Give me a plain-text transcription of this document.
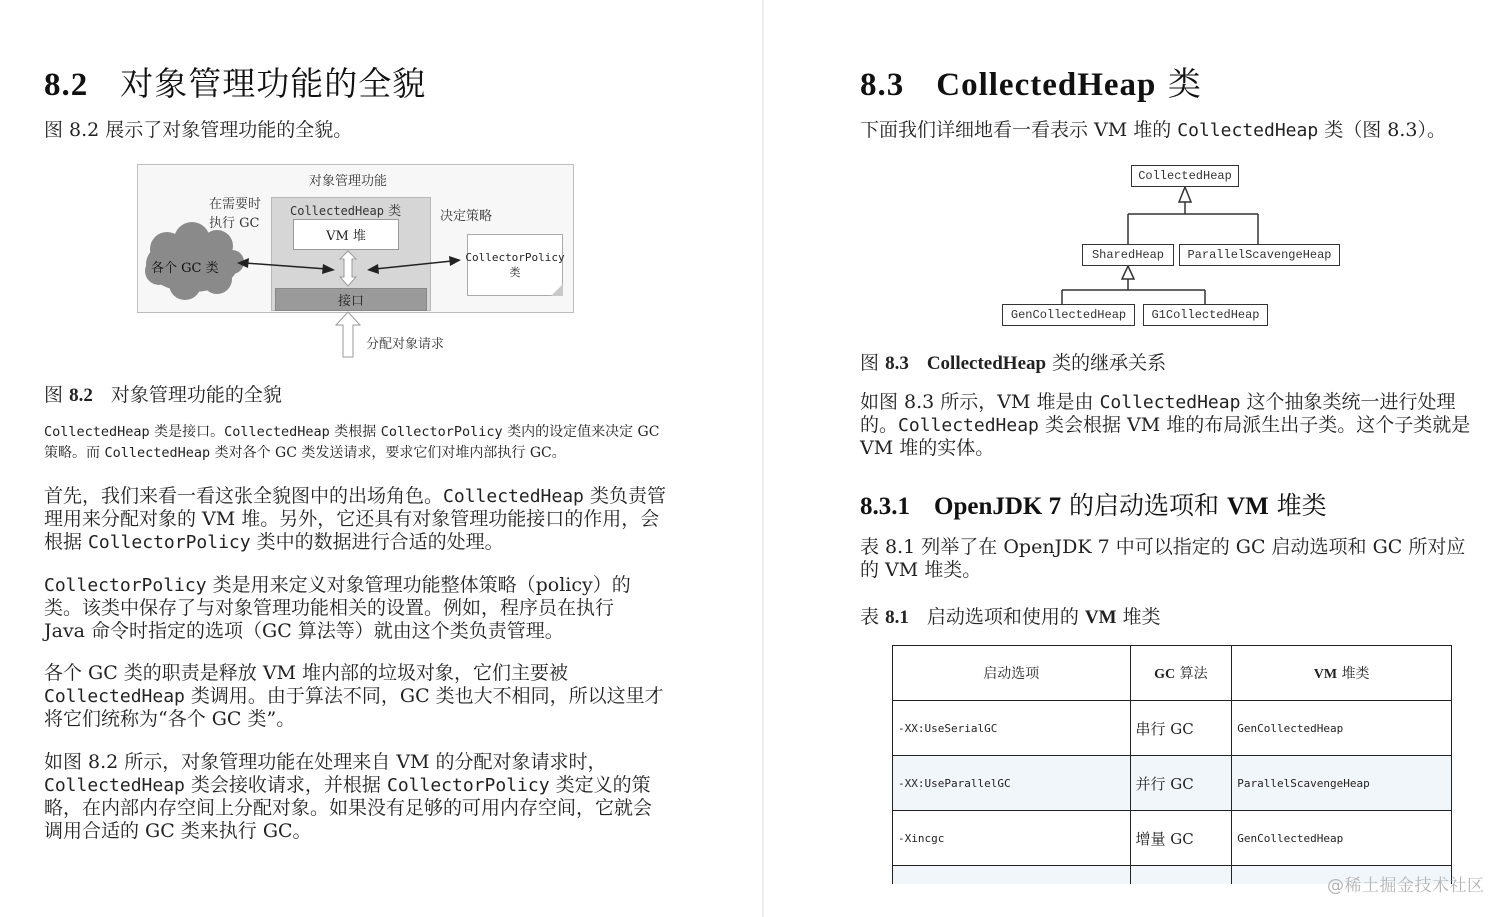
8.2 对象管理功能的全貌

图 8.2 展示了对象管理功能的全貌。

对象管理功能
在需要时
执行 GC	决定策略
CollectedHeap 类
VM 堆
接口
CollectorPolicy
类
各个 GC 类
分配对象请求
图 8.2 对象管理功能的全貌

CollectedHeap 类是接口。CollectedHeap 类根据 CollectorPolicy 类内的设定值来决定 GC 策略。而 CollectedHeap 类对各个 GC 类发送请求，要求它们对堆内部执行 GC。

首先，我们来看一看这张全貌图中的出场角色。CollectedHeap 类负责管理用来分配对象的 VM 堆。另外，它还具有对象管理功能接口的作用，会根据 CollectorPolicy 类中的数据进行合适的处理。

CollectorPolicy 类是用来定义对象管理功能整体策略（policy）的类。该类中保存了与对象管理功能相关的设置。例如，程序员在执行 Java 命令时指定的选项（GC 算法等）就由这个类负责管理。

各个 GC 类的职责是释放 VM 堆内部的垃圾对象，它们主要被 CollectedHeap 类调用。由于算法不同，GC 类也大不相同，所以这里才将它们统称为“各个 GC 类”。

如图 8.2 所示，对象管理功能在处理来自 VM 的分配对象请求时，CollectedHeap 类会接收请求，并根据 CollectorPolicy 类定义的策略，在内部内存空间上分配对象。如果没有足够的可用内存空间，它就会调用合适的 GC 类来执行 GC。

8.3 CollectedHeap 类

下面我们详细地看一看表示 VM 堆的 CollectedHeap 类（图 8.3）。

CollectedHeap
SharedHeap	ParallelScavengeHeap
GenCollectedHeap	G1CollectedHeap
图 8.3 CollectedHeap 类的继承关系

如图 8.3 所示，VM 堆是由 CollectedHeap 这个抽象类统一进行处理的。CollectedHeap 类会根据 VM 堆的布局派生出子类。这个子类就是 VM 堆的实体。

8.3.1 OpenJDK 7 的启动选项和 VM 堆类

表 8.1 列举了在 OpenJDK 7 中可以指定的 GC 启动选项和 GC 所对应的 VM 堆类。

表 8.1 启动选项和使用的 VM 堆类
启动选项	GC 算法	VM 堆类
-XX:UseSerialGC	串行 GC	GenCollectedHeap
-XX:UseParallelGC	并行 GC	ParallelScavengeHeap
-Xincgc	增量 GC	GenCollectedHeap

@稀土掘金技术社区
